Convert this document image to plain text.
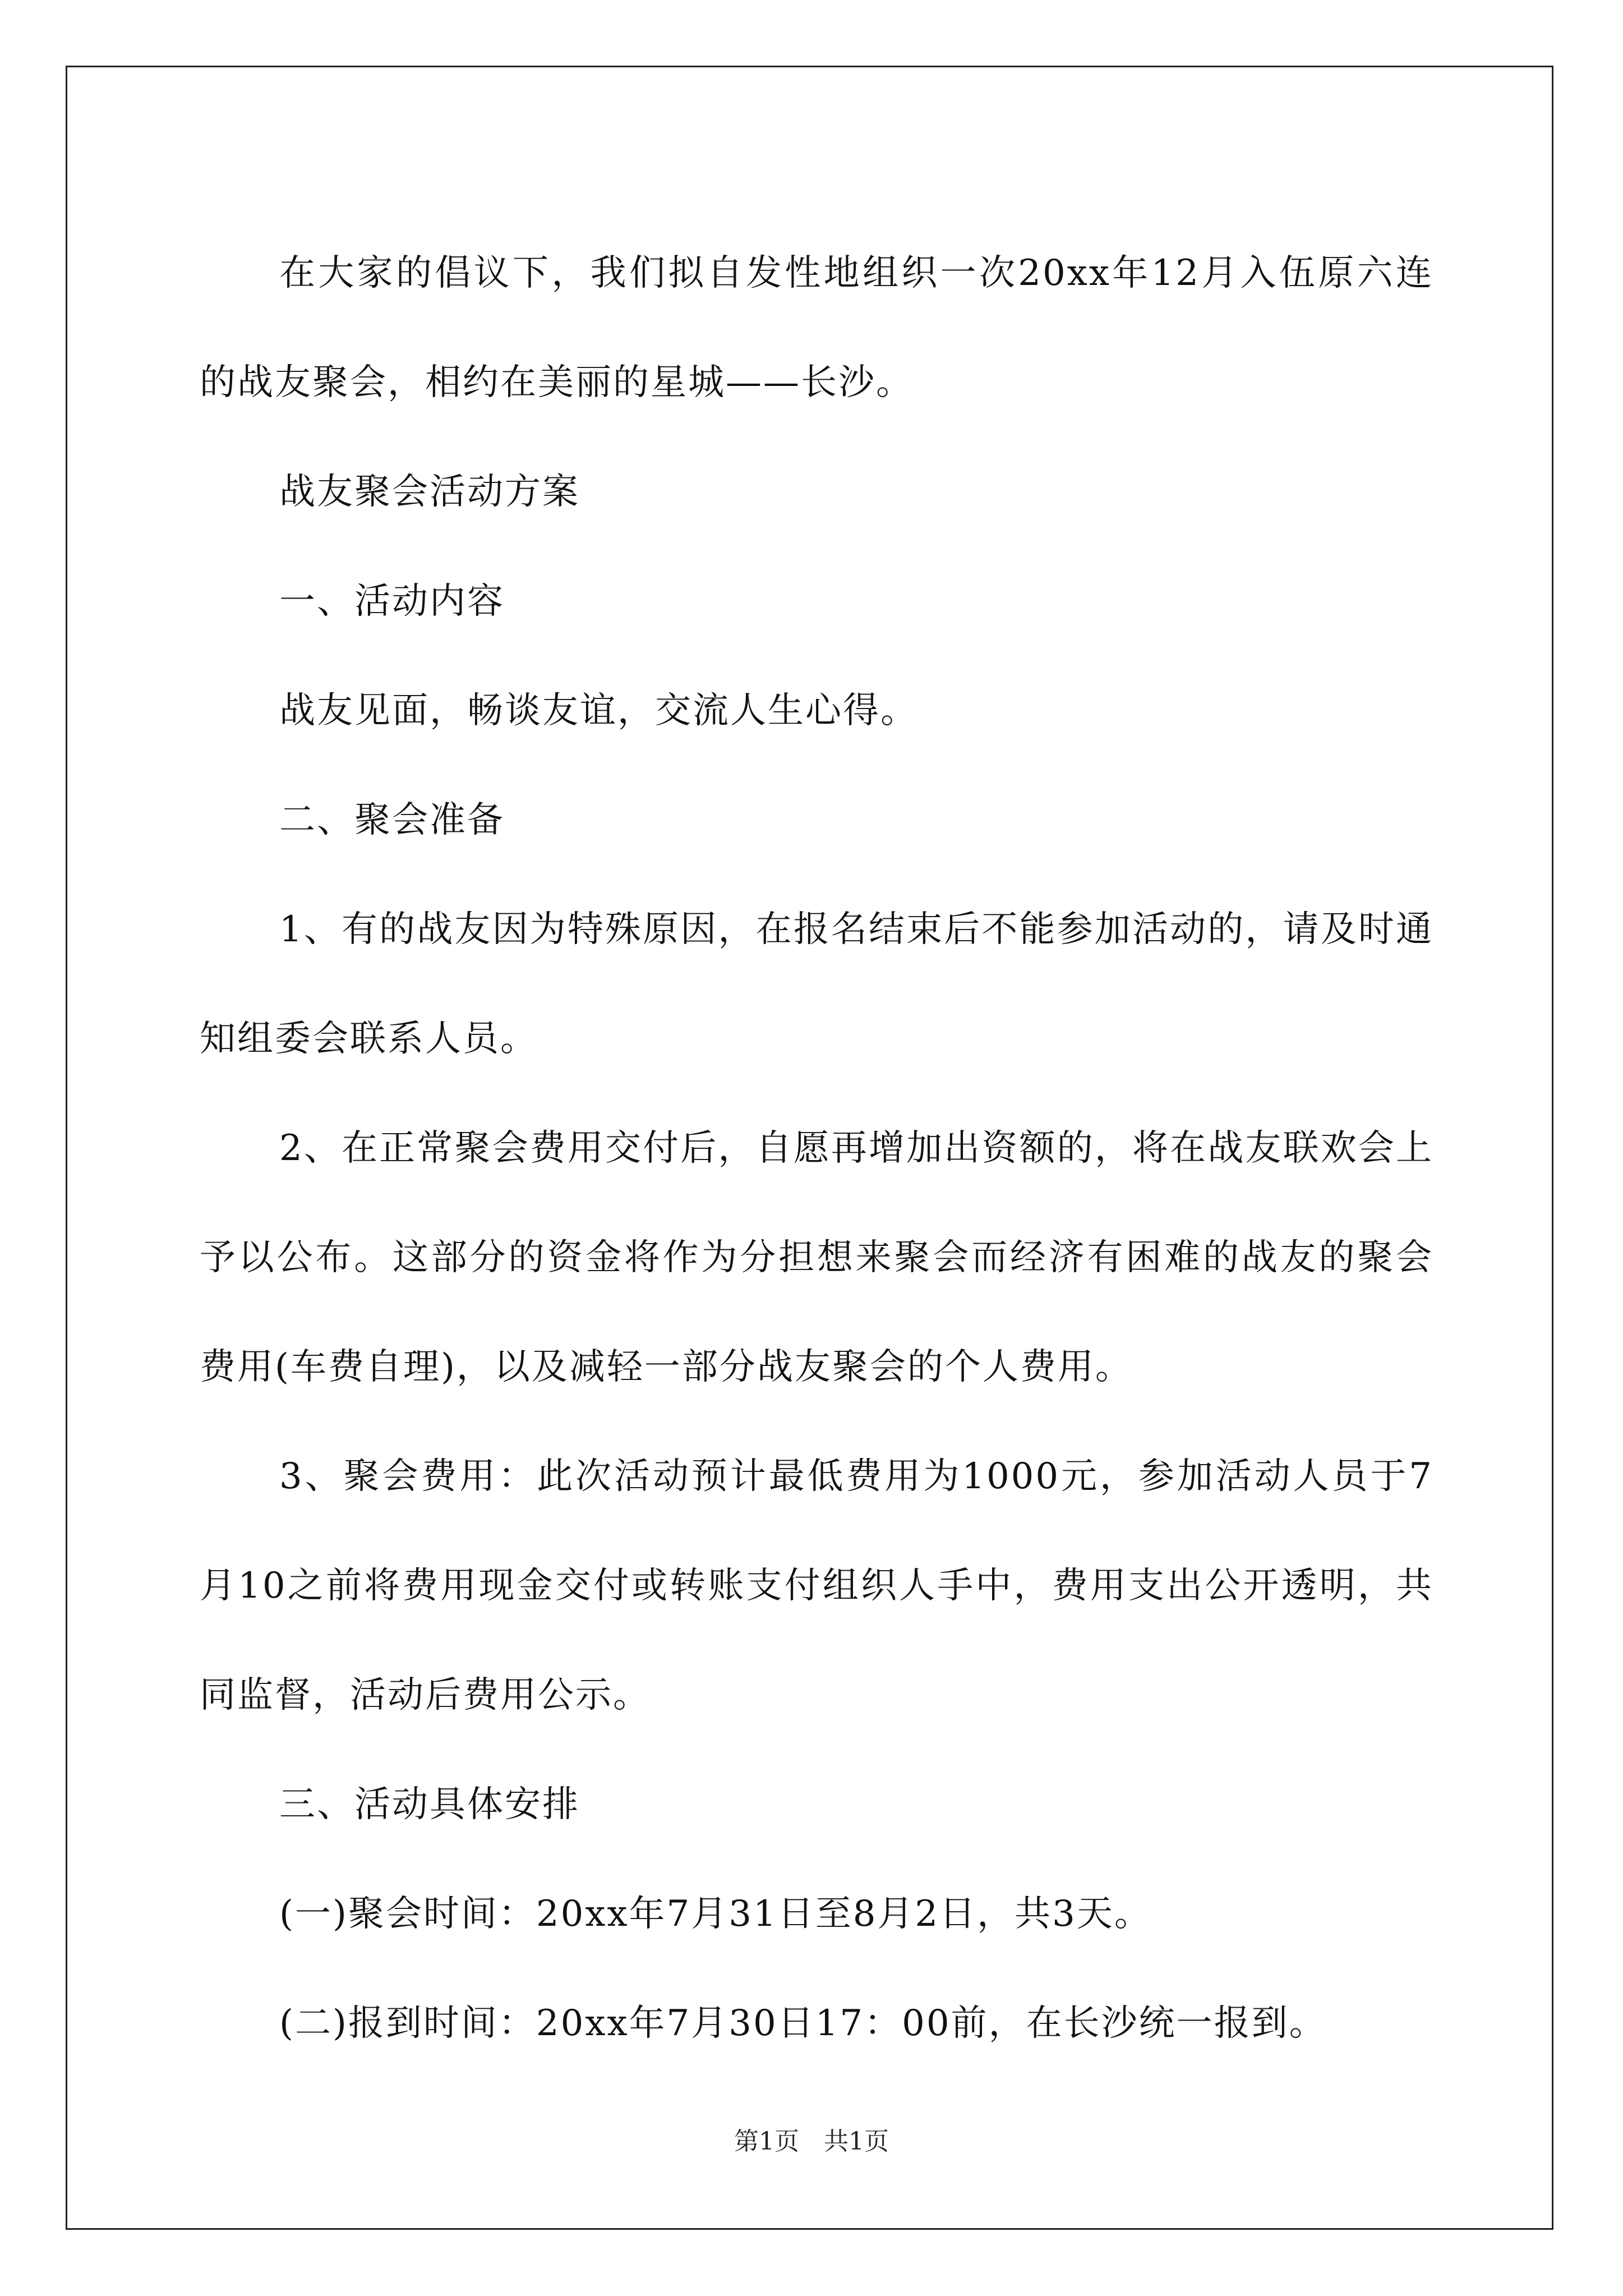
在大家的倡议下，我们拟自发性地组织一次20xx年12月入伍原六连的战友聚会，相约在美丽的星城——长沙。

战友聚会活动方案

一、活动内容

战友见面，畅谈友谊，交流人生心得。

二、聚会准备

1、有的战友因为特殊原因，在报名结束后不能参加活动的，请及时通知组委会联系人员。

2、在正常聚会费用交付后，自愿再增加出资额的，将在战友联欢会上予以公布。这部分的资金将作为分担想来聚会而经济有困难的战友的聚会费用(车费自理)，以及减轻一部分战友聚会的个人费用。

3、聚会费用：此次活动预计最低费用为1000元，参加活动人员于7月10之前将费用现金交付或转账支付组织人手中，费用支出公开透明，共同监督，活动后费用公示。

三、活动具体安排

(一)聚会时间：20xx年7月31日至8月2日，共3天。

(二)报到时间：20xx年7月30日17：00前，在长沙统一报到。

第1页　共1页
